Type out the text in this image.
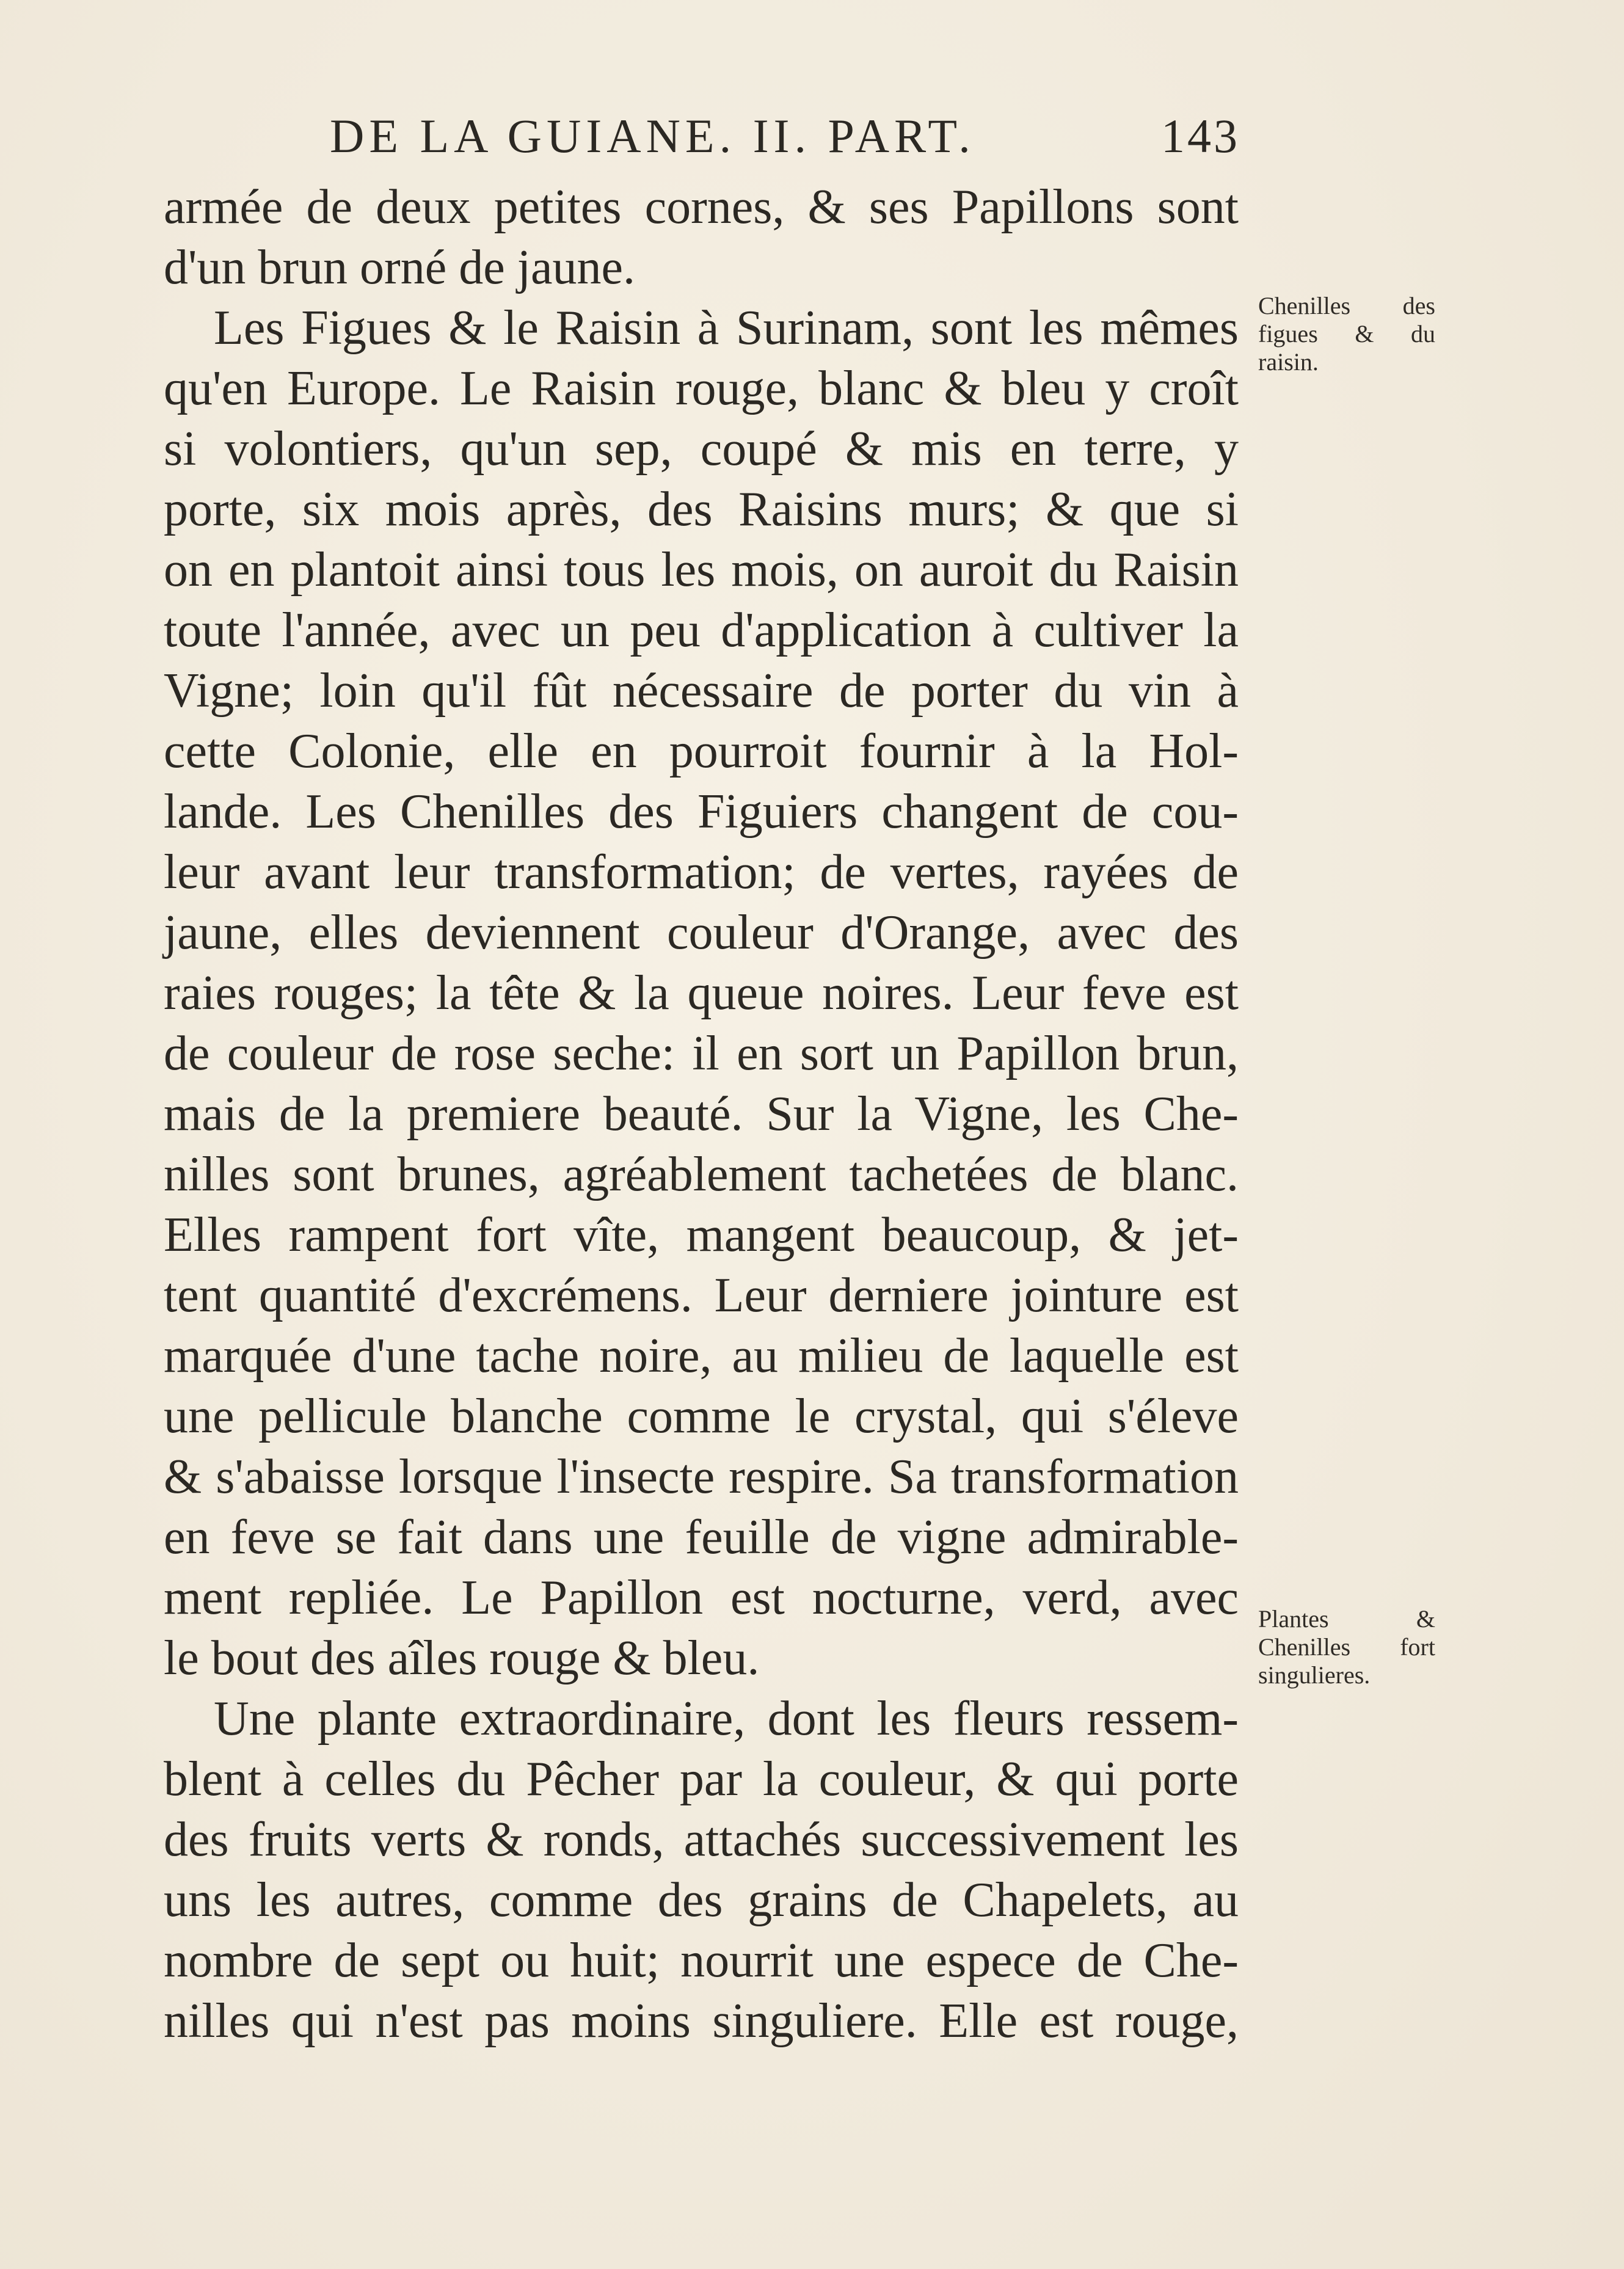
DE LA GUIANE. II. PART.	143
armée de deux petites cornes, & ses Papillons sont
d'un brun orné de jaune.
Les Figues & le Raisin à Surinam, sont les mêmes
qu'en Europe. Le Raisin rouge, blanc & bleu y croît
si volontiers, qu'un sep, coupé & mis en terre, y
porte, six mois après, des Raisins murs; & que si
on en plantoit ainsi tous les mois, on auroit du Raisin
toute l'année, avec un peu d'application à cultiver la
Vigne; loin qu'il fût nécessaire de porter du vin à
cette Colonie, elle en pourroit fournir à la Hol-
lande. Les Chenilles des Figuiers changent de cou-
leur avant leur transformation; de vertes, rayées de
jaune, elles deviennent couleur d'Orange, avec des
raies rouges; la tête & la queue noires. Leur feve est
de couleur de rose seche: il en sort un Papillon brun,
mais de la premiere beauté. Sur la Vigne, les Che-
nilles sont brunes, agréablement tachetées de blanc.
Elles rampent fort vîte, mangent beaucoup, & jet-
tent quantité d'excrémens. Leur derniere jointure est
marquée d'une tache noire, au milieu de laquelle est
une pellicule blanche comme le crystal, qui s'éleve
& s'abaisse lorsque l'insecte respire. Sa transformation
en feve se fait dans une feuille de vigne admirable-
ment repliée. Le Papillon est nocturne, verd, avec
le bout des aîles rouge & bleu.
Une plante extraordinaire, dont les fleurs ressem-
blent à celles du Pêcher par la couleur, & qui porte
des fruits verts & ronds, attachés successivement les
uns les autres, comme des grains de Chapelets, au
nombre de sept ou huit; nourrit une espece de Che-
nilles qui n'est pas moins singuliere. Elle est rouge,
Chenilles des
figues & du
raisin.
Plantes &
Chenilles fort
singulieres.
